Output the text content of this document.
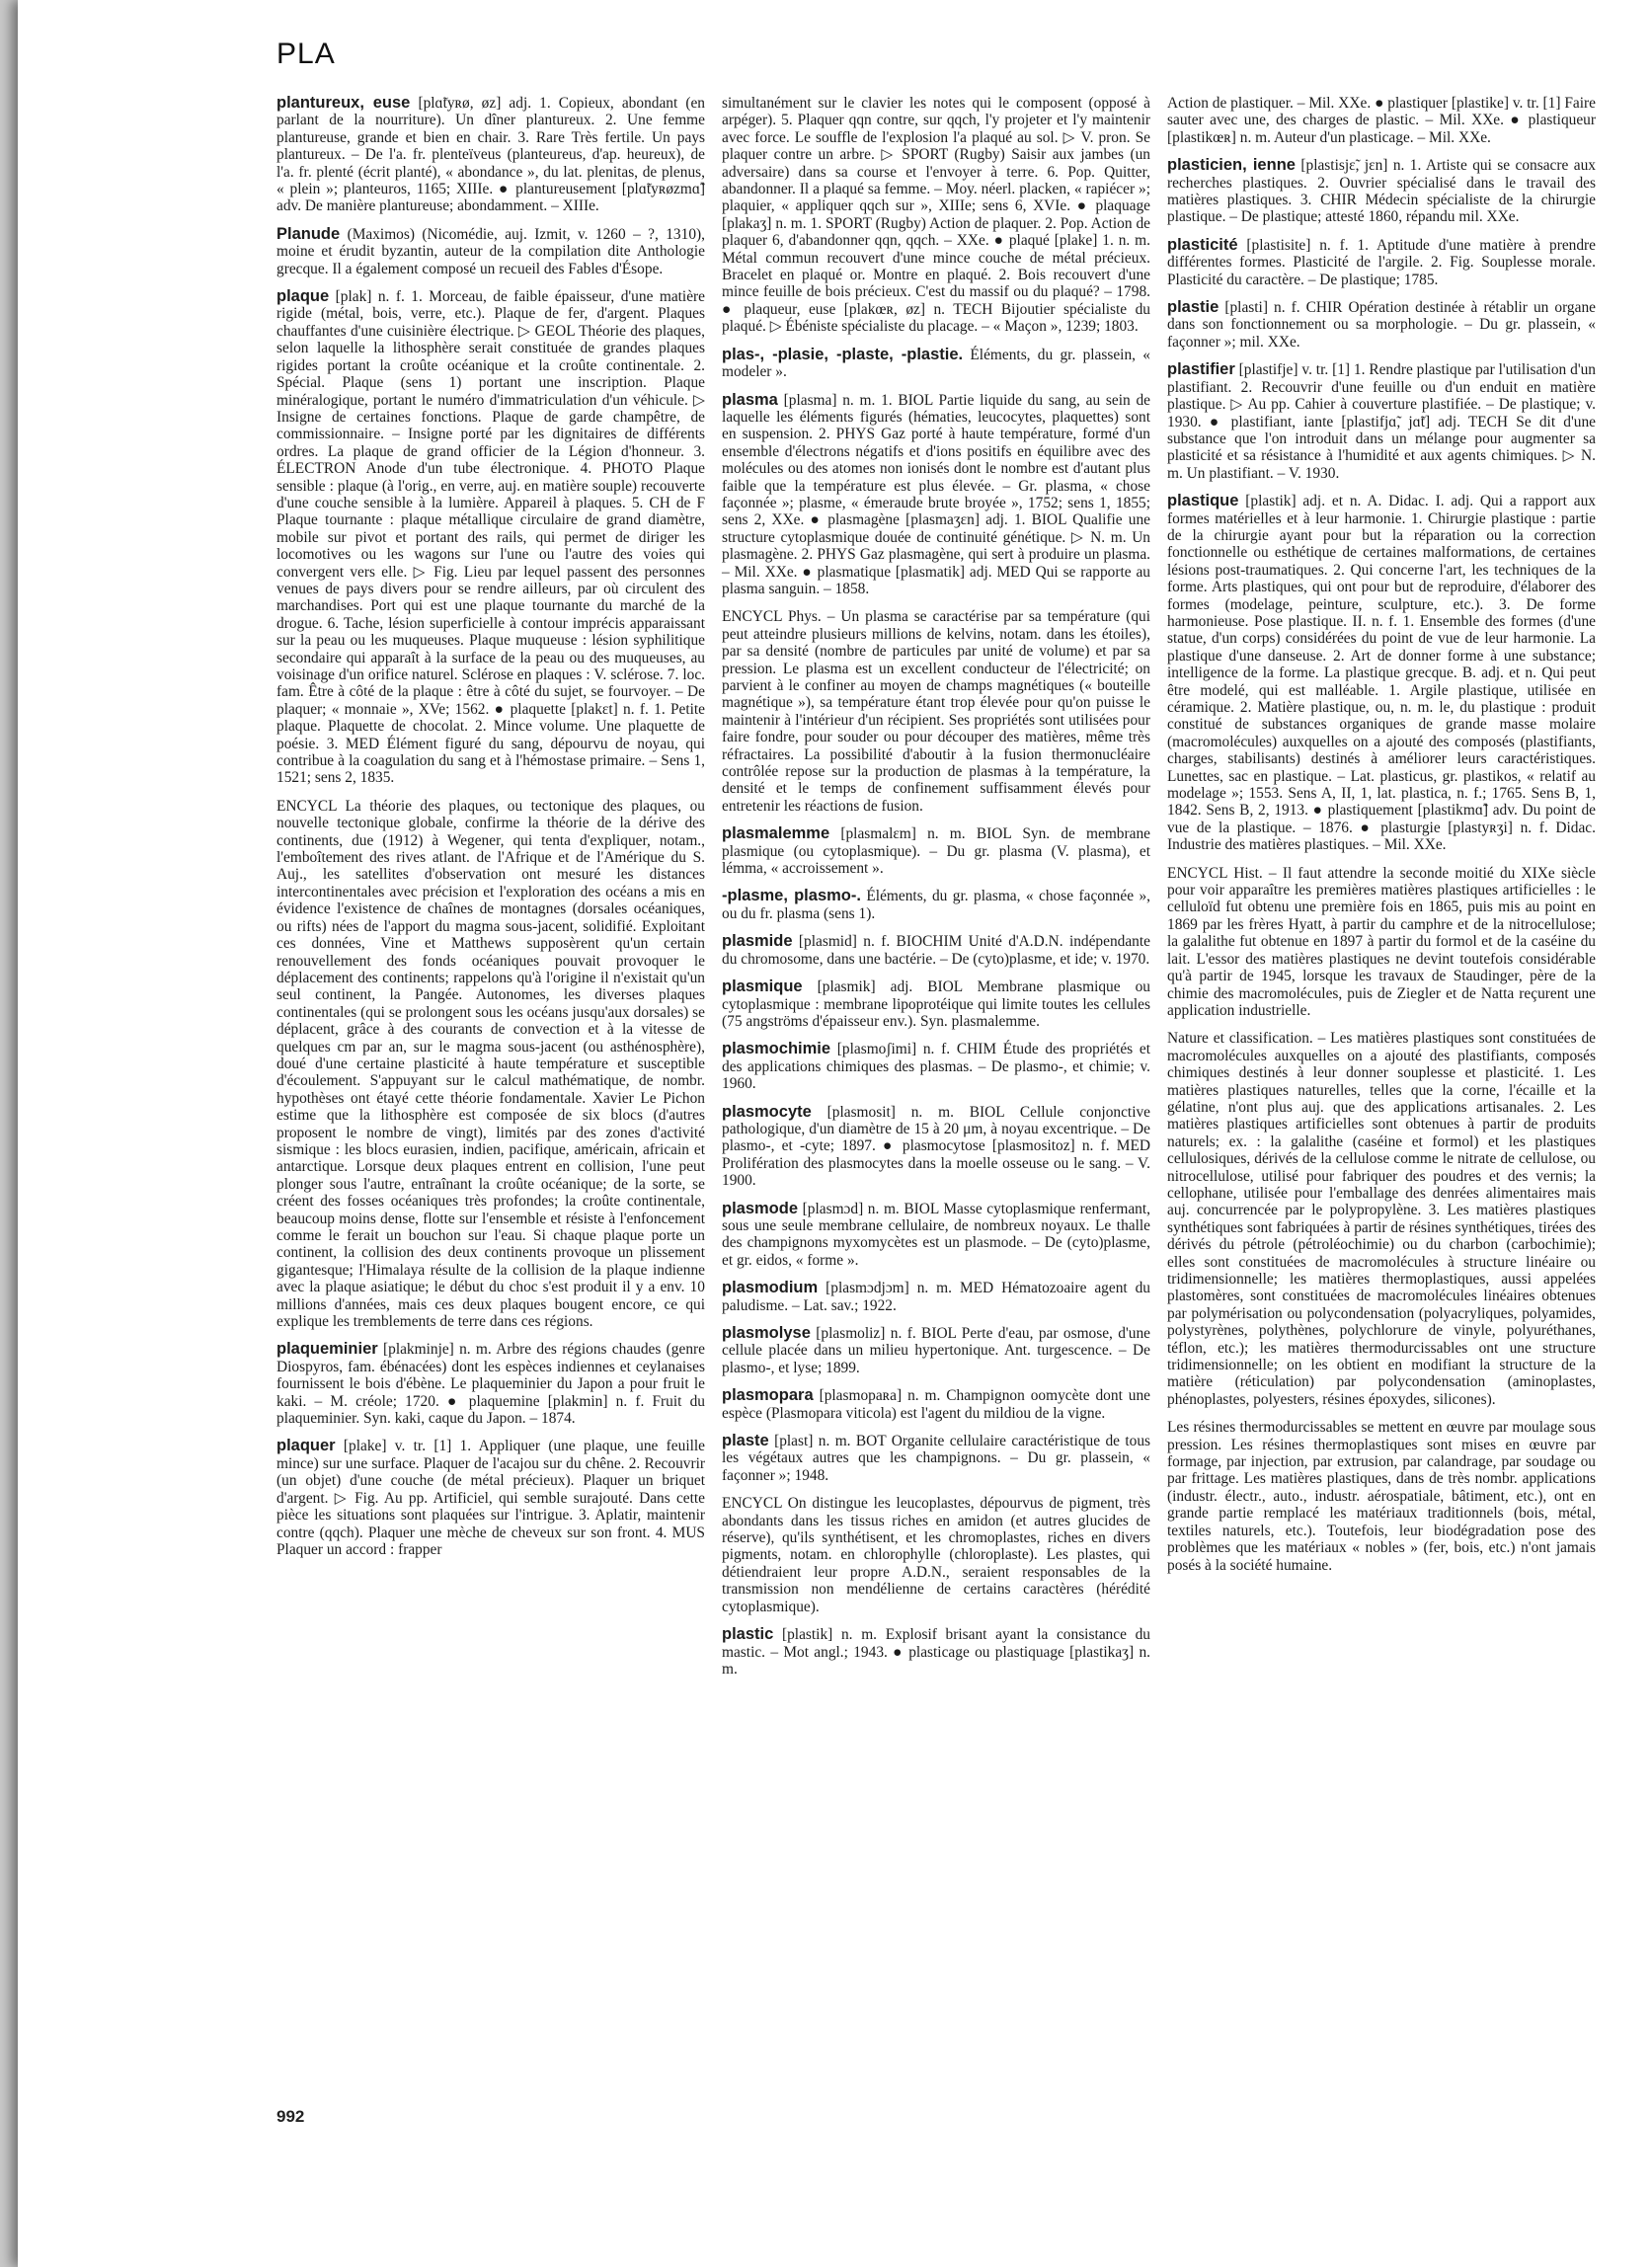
PLA

plantureux, euse [plɑ̃tyʀø, øz] adj. 1. Copieux, abondant (en parlant de la nourriture). Un dîner plantureux. 2. Une femme plantureuse, grande et bien en chair. 3. Rare Très fertile. Un pays plantureux. – De l'a. fr. plenteïveus (planteureus, d'ap. heureux), de l'a. fr. plenté (écrit planté), « abondance », du lat. plenitas, de plenus, « plein »; planteuros, 1165; XIIIe. ● plantureusement [plɑ̃tyʀøzmɑ̃] adv. De manière plantureuse; abondamment. – XIIIe.

Planude (Maximos) (Nicomédie, auj. Izmit, v. 1260 – ?, 1310), moine et érudit byzantin, auteur de la compilation dite Anthologie grecque. Il a également composé un recueil des Fables d'Ésope.

plaque [plak] n. f. 1. Morceau, de faible épaisseur, d'une matière rigide (métal, bois, verre, etc.). Plaque de fer, d'argent. Plaques chauffantes d'une cuisinière électrique. ▷ GEOL Théorie des plaques, selon laquelle la lithosphère serait constituée de grandes plaques rigides portant la croûte océanique et la croûte continentale. 2. Spécial. Plaque (sens 1) portant une inscription. Plaque minéralogique, portant le numéro d'immatriculation d'un véhicule. ▷ Insigne de certaines fonctions. Plaque de garde champêtre, de commissionnaire. – Insigne porté par les dignitaires de différents ordres. La plaque de grand officier de la Légion d'honneur. 3. ÉLECTRON Anode d'un tube électronique. 4. PHOTO Plaque sensible : plaque (à l'orig., en verre, auj. en matière souple) recouverte d'une couche sensible à la lumière. Appareil à plaques. 5. CH de F Plaque tournante : plaque métallique circulaire de grand diamètre, mobile sur pivot et portant des rails, qui permet de diriger les locomotives ou les wagons sur l'une ou l'autre des voies qui convergent vers elle. ▷ Fig. Lieu par lequel passent des personnes venues de pays divers pour se rendre ailleurs, par où circulent des marchandises. Port qui est une plaque tournante du marché de la drogue. 6. Tache, lésion superficielle à contour imprécis apparaissant sur la peau ou les muqueuses. Plaque muqueuse : lésion syphilitique secondaire qui apparaît à la surface de la peau ou des muqueuses, au voisinage d'un orifice naturel. Sclérose en plaques : V. sclérose. 7. loc. fam. Être à côté de la plaque : être à côté du sujet, se fourvoyer. – De plaquer; « monnaie », XVe; 1562. ● plaquette [plakɛt] n. f. 1. Petite plaque. Plaquette de chocolat. 2. Mince volume. Une plaquette de poésie. 3. MED Élément figuré du sang, dépourvu de noyau, qui contribue à la coagulation du sang et à l'hémostase primaire. – Sens 1, 1521; sens 2, 1835.

ENCYCL La théorie des plaques, ou tectonique des plaques, ou nouvelle tectonique globale, confirme la théorie de la dérive des continents, due (1912) à Wegener, qui tenta d'expliquer, notam., l'emboîtement des rives atlant. de l'Afrique et de l'Amérique du S. Auj., les satellites d'observation ont mesuré les distances intercontinentales avec précision et l'exploration des océans a mis en évidence l'existence de chaînes de montagnes (dorsales océaniques, ou rifts) nées de l'apport du magma sous-jacent, solidifié. Exploitant ces données, Vine et Matthews supposèrent qu'un certain renouvellement des fonds océaniques pouvait provoquer le déplacement des continents; rappelons qu'à l'origine il n'existait qu'un seul continent, la Pangée. Autonomes, les diverses plaques continentales (qui se prolongent sous les océans jusqu'aux dorsales) se déplacent, grâce à des courants de convection et à la vitesse de quelques cm par an, sur le magma sous-jacent (ou asthénosphère), doué d'une certaine plasticité à haute température et susceptible d'écoulement. S'appuyant sur le calcul mathématique, de nombr. hypothèses ont étayé cette théorie fondamentale. Xavier Le Pichon estime que la lithosphère est composée de six blocs (d'autres proposent le nombre de vingt), limités par des zones d'activité sismique : les blocs eurasien, indien, pacifique, américain, africain et antarctique. Lorsque deux plaques entrent en collision, l'une peut plonger sous l'autre, entraînant la croûte océanique; de la sorte, se créent des fosses océaniques très profondes; la croûte continentale, beaucoup moins dense, flotte sur l'ensemble et résiste à l'enfoncement comme le ferait un bouchon sur l'eau. Si chaque plaque porte un continent, la collision des deux continents provoque un plissement gigantesque; l'Himalaya résulte de la collision de la plaque indienne avec la plaque asiatique; le début du choc s'est produit il y a env. 10 millions d'années, mais ces deux plaques bougent encore, ce qui explique les tremblements de terre dans ces régions.

plaqueminier [plakminje] n. m. Arbre des régions chaudes (genre Diospyros, fam. ébénacées) dont les espèces indiennes et ceylanaises fournissent le bois d'ébène. Le plaqueminier du Japon a pour fruit le kaki. – M. créole; 1720. ● plaquemine [plakmin] n. f. Fruit du plaqueminier. Syn. kaki, caque du Japon. – 1874.

plaquer [plake] v. tr. [1] 1. Appliquer (une plaque, une feuille mince) sur une surface. Plaquer de l'acajou sur du chêne. 2. Recouvrir (un objet) d'une couche (de métal précieux). Plaquer un briquet d'argent. ▷ Fig. Au pp. Artificiel, qui semble surajouté. Dans cette pièce les situations sont plaquées sur l'intrigue. 3. Aplatir, maintenir contre (qqch). Plaquer une mèche de cheveux sur son front. 4. MUS Plaquer un accord : frapper

simultanément sur le clavier les notes qui le composent (opposé à arpéger). 5. Plaquer qqn contre, sur qqch, l'y projeter et l'y maintenir avec force. Le souffle de l'explosion l'a plaqué au sol. ▷ V. pron. Se plaquer contre un arbre. ▷ SPORT (Rugby) Saisir aux jambes (un adversaire) dans sa course et l'envoyer à terre. 6. Pop. Quitter, abandonner. Il a plaqué sa femme. – Moy. néerl. placken, « rapiécer »; plaquier, « appliquer qqch sur », XIIIe; sens 6, XVIe. ● plaquage [plakaʒ] n. m. 1. SPORT (Rugby) Action de plaquer. 2. Pop. Action de plaquer 6, d'abandonner qqn, qqch. – XXe. ● plaqué [plake] 1. n. m. Métal commun recouvert d'une mince couche de métal précieux. Bracelet en plaqué or. Montre en plaqué. 2. Bois recouvert d'une mince feuille de bois précieux. C'est du massif ou du plaqué? – 1798. ● plaqueur, euse [plakœʀ, øz] n. TECH Bijoutier spécialiste du plaqué. ▷ Ébéniste spécialiste du placage. – « Maçon », 1239; 1803.

plas-, -plasie, -plaste, -plastie. Éléments, du gr. plassein, « modeler ».

plasma [plasma] n. m. 1. BIOL Partie liquide du sang, au sein de laquelle les éléments figurés (hématies, leucocytes, plaquettes) sont en suspension. 2. PHYS Gaz porté à haute température, formé d'un ensemble d'électrons négatifs et d'ions positifs en équilibre avec des molécules ou des atomes non ionisés dont le nombre est d'autant plus faible que la température est plus élevée. – Gr. plasma, « chose façonnée »; plasme, « émeraude brute broyée », 1752; sens 1, 1855; sens 2, XXe. ● plasmagène [plasmaʒɛn] adj. 1. BIOL Qualifie une structure cytoplasmique douée de continuité génétique. ▷ N. m. Un plasmagène. 2. PHYS Gaz plasmagène, qui sert à produire un plasma. – Mil. XXe. ● plasmatique [plasmatik] adj. MED Qui se rapporte au plasma sanguin. – 1858.

ENCYCL Phys. – Un plasma se caractérise par sa température (qui peut atteindre plusieurs millions de kelvins, notam. dans les étoiles), par sa densité (nombre de particules par unité de volume) et par sa pression. Le plasma est un excellent conducteur de l'électricité; on parvient à le confiner au moyen de champs magnétiques (« bouteille magnétique »), sa température étant trop élevée pour qu'on puisse le maintenir à l'intérieur d'un récipient. Ses propriétés sont utilisées pour faire fondre, pour souder ou pour découper des matières, même très réfractaires. La possibilité d'aboutir à la fusion thermonucléaire contrôlée repose sur la production de plasmas à la température, la densité et le temps de confinement suffisamment élevés pour entretenir les réactions de fusion.

plasmalemme [plasmalɛm] n. m. BIOL Syn. de membrane plasmique (ou cytoplasmique). – Du gr. plasma (V. plasma), et lémma, « accroissement ».

-plasme, plasmo-. Éléments, du gr. plasma, « chose façonnée », ou du fr. plasma (sens 1).

plasmide [plasmid] n. f. BIOCHIM Unité d'A.D.N. indépendante du chromosome, dans une bactérie. – De (cyto)plasme, et ide; v. 1970.

plasmique [plasmik] adj. BIOL Membrane plasmique ou cytoplasmique : membrane lipoprotéique qui limite toutes les cellules (75 angströms d'épaisseur env.). Syn. plasmalemme.

plasmochimie [plasmoʃimi] n. f. CHIM Étude des propriétés et des applications chimiques des plasmas. – De plasmo-, et chimie; v. 1960.

plasmocyte [plasmosit] n. m. BIOL Cellule conjonctive pathologique, d'un diamètre de 15 à 20 μm, à noyau excentrique. – De plasmo-, et -cyte; 1897. ● plasmocytose [plasmositoz] n. f. MED Prolifération des plasmocytes dans la moelle osseuse ou le sang. – V. 1900.

plasmode [plasmɔd] n. m. BIOL Masse cytoplasmique renfermant, sous une seule membrane cellulaire, de nombreux noyaux. Le thalle des champignons myxomycètes est un plasmode. – De (cyto)plasme, et gr. eidos, « forme ».

plasmodium [plasmɔdjɔm] n. m. MED Hématozoaire agent du paludisme. – Lat. sav.; 1922.

plasmolyse [plasmoliz] n. f. BIOL Perte d'eau, par osmose, d'une cellule placée dans un milieu hypertonique. Ant. turgescence. – De plasmo-, et lyse; 1899.

plasmopara [plasmopaʀa] n. m. Champignon oomycète dont une espèce (Plasmopara viticola) est l'agent du mildiou de la vigne.

plaste [plast] n. m. BOT Organite cellulaire caractéristique de tous les végétaux autres que les champignons. – Du gr. plassein, « façonner »; 1948.

ENCYCL On distingue les leucoplastes, dépourvus de pigment, très abondants dans les tissus riches en amidon (et autres glucides de réserve), qu'ils synthétisent, et les chromoplastes, riches en divers pigments, notam. en chlorophylle (chloroplaste). Les plastes, qui détiendraient leur propre A.D.N., seraient responsables de la transmission non mendélienne de certains caractères (hérédité cytoplasmique).

plastic [plastik] n. m. Explosif brisant ayant la consistance du mastic. – Mot angl.; 1943. ● plasticage ou plastiquage [plastikaʒ] n. m.

Action de plastiquer. – Mil. XXe. ● plastiquer [plastike] v. tr. [1] Faire sauter avec une, des charges de plastic. – Mil. XXe. ● plastiqueur [plastikœʀ] n. m. Auteur d'un plasticage. – Mil. XXe.

plasticien, ienne [plastisjɛ̃, jɛn] n. 1. Artiste qui se consacre aux recherches plastiques. 2. Ouvrier spécialisé dans le travail des matières plastiques. 3. CHIR Médecin spécialiste de la chirurgie plastique. – De plastique; attesté 1860, répandu mil. XXe.

plasticité [plastisite] n. f. 1. Aptitude d'une matière à prendre différentes formes. Plasticité de l'argile. 2. Fig. Souplesse morale. Plasticité du caractère. – De plastique; 1785.

plastie [plasti] n. f. CHIR Opération destinée à rétablir un organe dans son fonctionnement ou sa morphologie. – Du gr. plassein, « façonner »; mil. XXe.

plastifier [plastifje] v. tr. [1] 1. Rendre plastique par l'utilisation d'un plastifiant. 2. Recouvrir d'une feuille ou d'un enduit en matière plastique. ▷ Au pp. Cahier à couverture plastifiée. – De plastique; v. 1930. ● plastifiant, iante [plastifjɑ̃, jɑ̃t] adj. TECH Se dit d'une substance que l'on introduit dans un mélange pour augmenter sa plasticité et sa résistance à l'humidité et aux agents chimiques. ▷ N. m. Un plastifiant. – V. 1930.

plastique [plastik] adj. et n. A. Didac. I. adj. Qui a rapport aux formes matérielles et à leur harmonie. 1. Chirurgie plastique : partie de la chirurgie ayant pour but la réparation ou la correction fonctionnelle ou esthétique de certaines malformations, de certaines lésions post-traumatiques. 2. Qui concerne l'art, les techniques de la forme. Arts plastiques, qui ont pour but de reproduire, d'élaborer des formes (modelage, peinture, sculpture, etc.). 3. De forme harmonieuse. Pose plastique. II. n. f. 1. Ensemble des formes (d'une statue, d'un corps) considérées du point de vue de leur harmonie. La plastique d'une danseuse. 2. Art de donner forme à une substance; intelligence de la forme. La plastique grecque. B. adj. et n. Qui peut être modelé, qui est malléable. 1. Argile plastique, utilisée en céramique. 2. Matière plastique, ou, n. m. le, du plastique : produit constitué de substances organiques de grande masse molaire (macromolécules) auxquelles on a ajouté des composés (plastifiants, charges, stabilisants) destinés à améliorer leurs caractéristiques. Lunettes, sac en plastique. – Lat. plasticus, gr. plastikos, « relatif au modelage »; 1553. Sens A, II, 1, lat. plastica, n. f.; 1765. Sens B, 1, 1842. Sens B, 2, 1913. ● plastiquement [plastikmɑ̃] adv. Du point de vue de la plastique. – 1876. ● plasturgie [plastyʀʒi] n. f. Didac. Industrie des matières plastiques. – Mil. XXe.

ENCYCL Hist. – Il faut attendre la seconde moitié du XIXe siècle pour voir apparaître les premières matières plastiques artificielles : le celluloïd fut obtenu une première fois en 1865, puis mis au point en 1869 par les frères Hyatt, à partir du camphre et de la nitrocellulose; la galalithe fut obtenue en 1897 à partir du formol et de la caséine du lait. L'essor des matières plastiques ne devint toutefois considérable qu'à partir de 1945, lorsque les travaux de Staudinger, père de la chimie des macromolécules, puis de Ziegler et de Natta reçurent une application industrielle.

Nature et classification. – Les matières plastiques sont constituées de macromolécules auxquelles on a ajouté des plastifiants, composés chimiques destinés à leur donner souplesse et plasticité. 1. Les matières plastiques naturelles, telles que la corne, l'écaille et la gélatine, n'ont plus auj. que des applications artisanales. 2. Les matières plastiques artificielles sont obtenues à partir de produits naturels; ex. : la galalithe (caséine et formol) et les plastiques cellulosiques, dérivés de la cellulose comme le nitrate de cellulose, ou nitrocellulose, utilisé pour fabriquer des poudres et des vernis; la cellophane, utilisée pour l'emballage des denrées alimentaires mais auj. concurrencée par le polypropylène. 3. Les matières plastiques synthétiques sont fabriquées à partir de résines synthétiques, tirées des dérivés du pétrole (pétroléochimie) ou du charbon (carbochimie); elles sont constituées de macromolécules à structure linéaire ou tridimensionnelle; les matières thermoplastiques, aussi appelées plastomères, sont constituées de macromolécules linéaires obtenues par polymérisation ou polycondensation (polyacryliques, polyamides, polystyrènes, polythènes, polychlorure de vinyle, polyuréthanes, téflon, etc.); les matières thermodurcissables ont une structure tridimensionnelle; on les obtient en modifiant la structure de la matière (réticulation) par polycondensation (aminoplastes, phénoplastes, polyesters, résines époxydes, silicones).

Les résines thermodurcissables se mettent en œuvre par moulage sous pression. Les résines thermoplastiques sont mises en œuvre par formage, par injection, par extrusion, par calandrage, par soudage ou par frittage. Les matières plastiques, dans de très nombr. applications (industr. électr., auto., industr. aérospatiale, bâtiment, etc.), ont en grande partie remplacé les matériaux traditionnels (bois, métal, textiles naturels, etc.). Toutefois, leur biodégradation pose des problèmes que les matériaux « nobles » (fer, bois, etc.) n'ont jamais posés à la société humaine.

992
